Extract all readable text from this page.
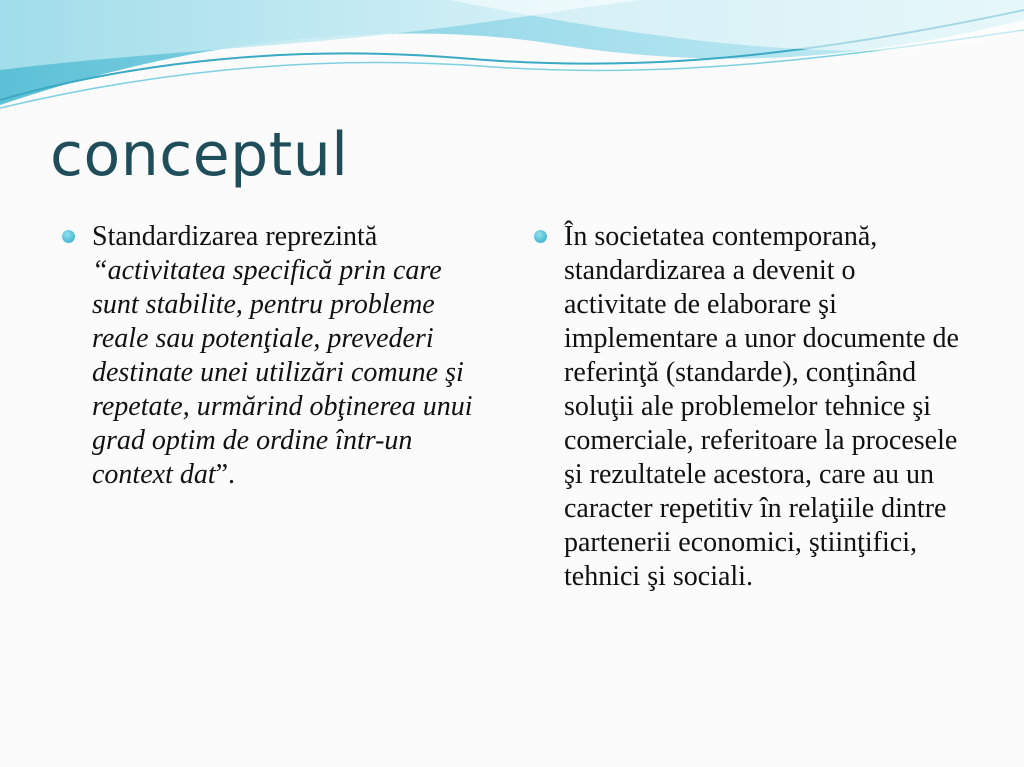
conceptul
Standardizarea reprezintă “activitatea specifică prin care sunt stabilite, pentru probleme reale sau potenţiale, prevederi destinate unei utilizări comune şi repetate, urmărind obţinerea unui grad optim de ordine într-un context dat”.
În societatea contemporană, standardizarea a devenit o activitate de elaborare şi implementare a unor documente de referinţă (standarde), conţinând soluţii ale problemelor tehnice şi comerciale, referitoare la procesele şi rezultatele acestora, care au un caracter repetitiv în relaţiile dintre partenerii economici, ştiinţifici, tehnici şi sociali.
